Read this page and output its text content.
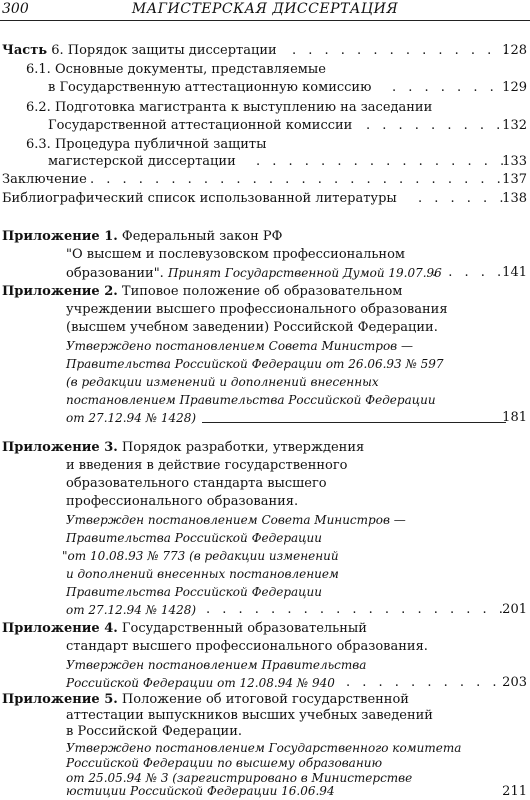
300	МАГИСТЕРСКАЯ ДИССЕРТАЦИЯ
Часть 6. Порядок защиты диссертации . . .	128
6.1. Основные документы, представляемые
в Государственную аттестационную комиссию . . .	129
6.2. Подготовка магистранта к выступлению на заседании
Государственной аттестационной комиссии . . .	132
6.3. Процедура публичной защиты
магистерской диссертации . . .	133
Заключение . . .	137
Библиографический список использованной литературы . . .	138
Приложение 1. Федеральный закон РФ
"О высшем и послевузовском профессиональном
образовании". Принят Государственной Думой 19.07.96 . . .	141
Приложение 2. Типовое положение об образовательном
учреждении высшего профессионального образования
(высшем учебном заведении) Российской Федерации.
Утверждено постановлением Совета Министров —
Правительства Российской Федерации от 26.06.93 № 597
(в редакции изменений и дополнений внесенных
постановлением Правительства Российской Федерации
от 27.12.94 № 1428)	181
Приложение 3. Порядок разработки, утверждения
и введения в действие государственного
образовательного стандарта высшего
профессионального образования.
Утвержден постановлением Совета Министров —
Правительства Российской Федерации
"от 10.08.93 № 773 (в редакции изменений
и дополнений внесенных постановлением
Правительства Российской Федерации
от 27.12.94 № 1428) . . .	201
Приложение 4. Государственный образовательный
стандарт высшего профессионального образования.
Утвержден постановлением Правительства
Российской Федерации от 12.08.94 № 940 . . .	203
Приложение 5. Положение об итоговой государственной
аттестации выпускников высших учебных заведений
в Российской Федерации.
Утверждено постановлением Государственного комитета
Российской Федерации по высшему образованию
от 25.05.94 № 3 (зарегистрировано в Министерстве
юстиции Российской Федерации 16.06.94	211
